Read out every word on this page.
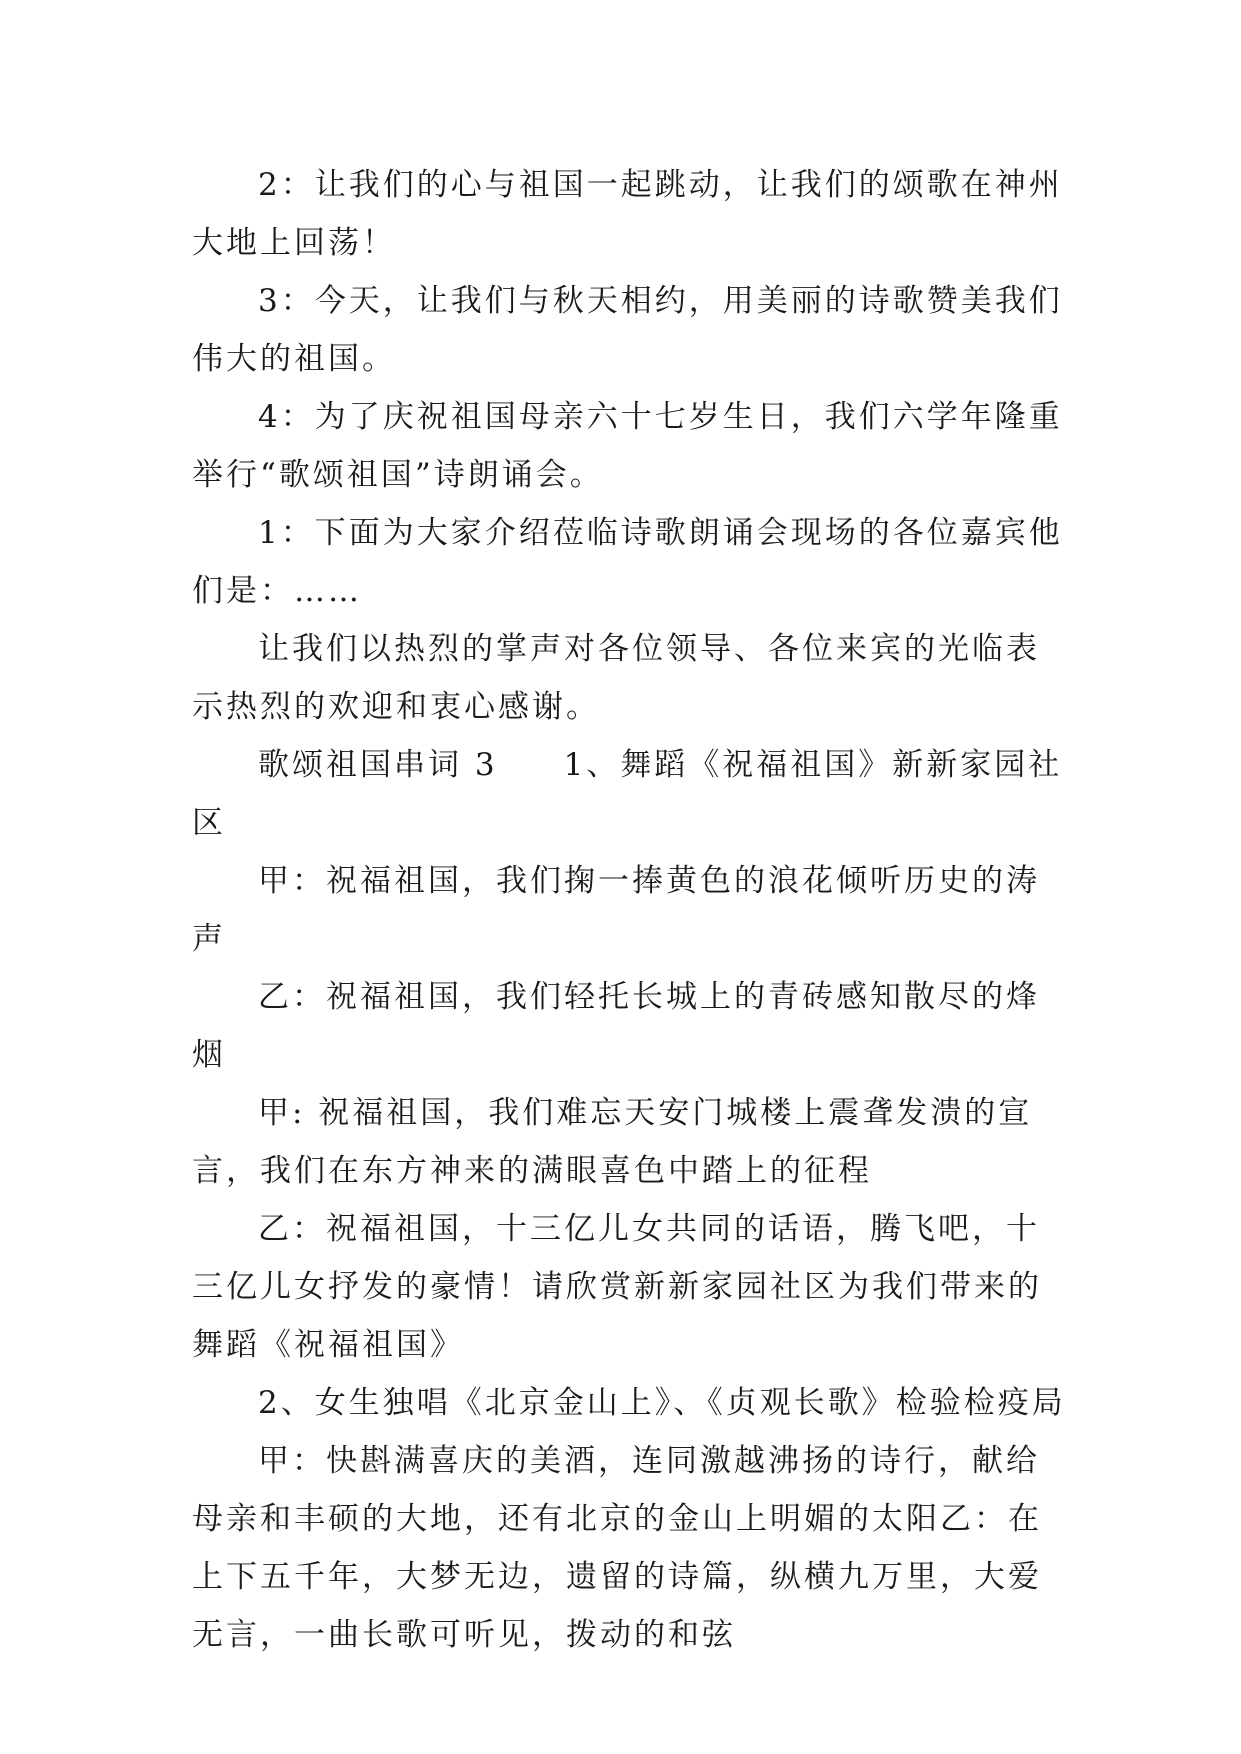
2：让我们的心与祖国一起跳动，让我们的颂歌在神州大地上回荡！

3：今天，让我们与秋天相约，用美丽的诗歌赞美我们伟大的祖国。

4：为了庆祝祖国母亲六十七岁生日，我们六学年隆重举行“歌颂祖国”诗朗诵会。

1：下面为大家介绍莅临诗歌朗诵会现场的各位嘉宾他们是：……

让我们以热烈的掌声对各位领导、各位来宾的光临表示热烈的欢迎和衷心感谢。

歌颂祖国串词 3 1、舞蹈《祝福祖国》新新家园社区

甲：祝福祖国，我们掬一捧黄色的浪花倾听历史的涛声

乙：祝福祖国，我们轻托长城上的青砖感知散尽的烽烟

甲: 祝福祖国，我们难忘天安门城楼上震聋发溃的宣言，我们在东方神来的满眼喜色中踏上的征程

乙：祝福祖国，十三亿儿女共同的话语，腾飞吧，十三亿儿女抒发的豪情！请欣赏新新家园社区为我们带来的舞蹈《祝福祖国》

2、女生独唱《北京金山上》、《贞观长歌》检验检疫局

甲：快斟满喜庆的美酒，连同激越沸扬的诗行，献给母亲和丰硕的大地，还有北京的金山上明媚的太阳乙：在上下五千年，大梦无边，遗留的诗篇，纵横九万里，大爱无言，一曲长歌可听见，拨动的和弦
